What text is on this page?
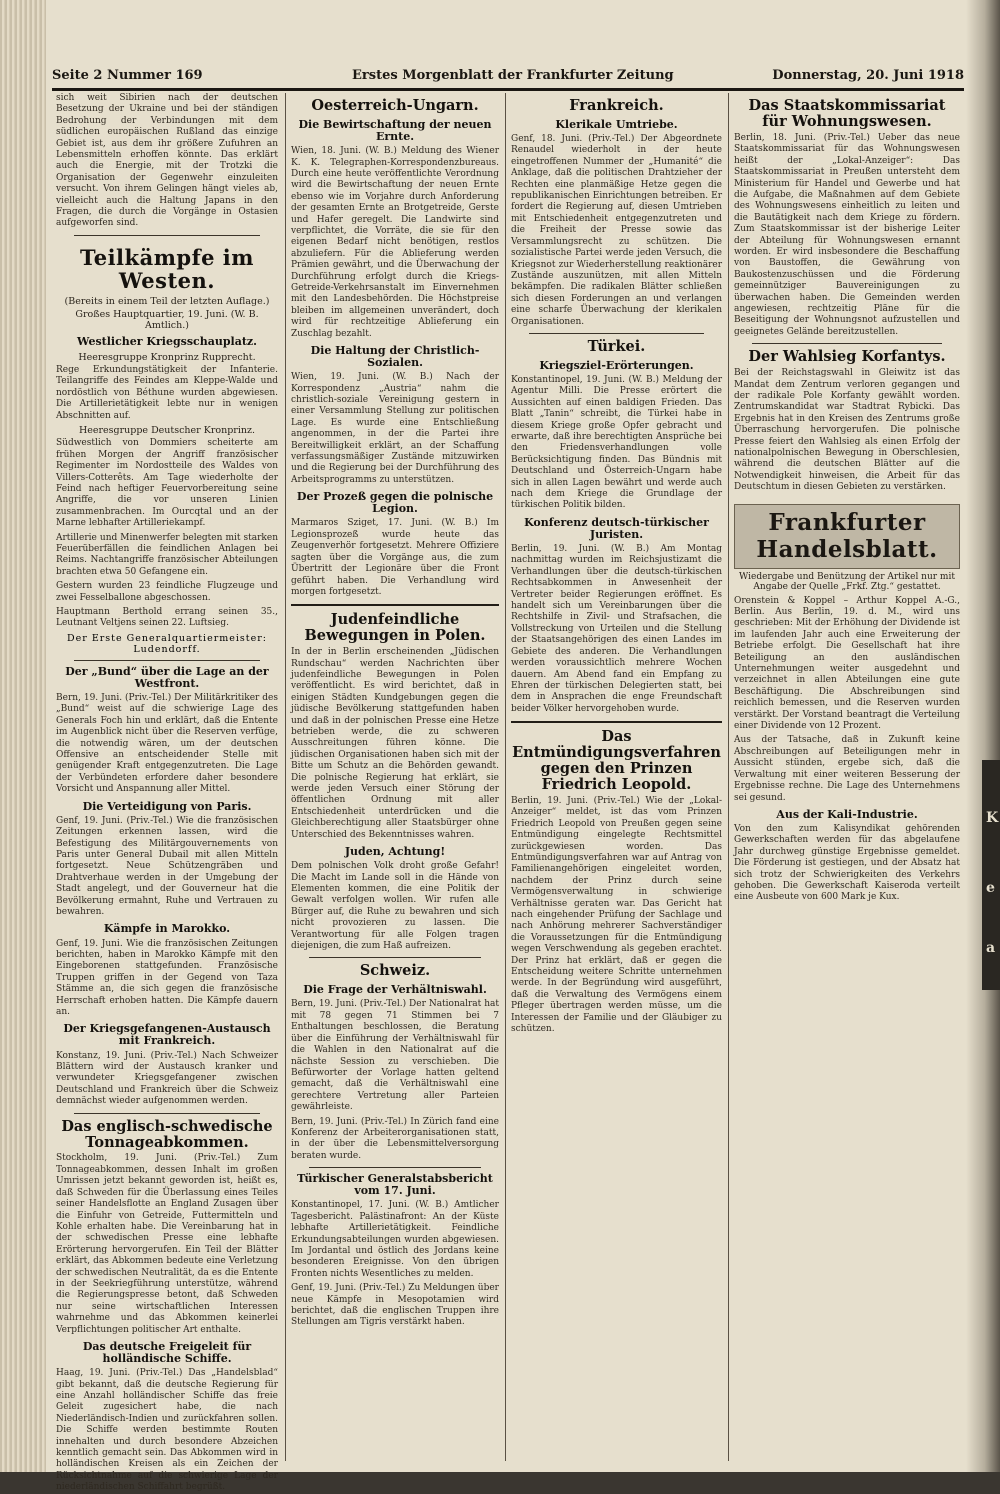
K
e
a
Seite 2 Nummer 169	Erstes Morgenblatt der Frankfurter Zeitung	Donnerstag, 20. Juni 1918

sich weit Sibirien nach der deutschen Besetzung der Ukraine und bei der ständigen Bedrohung der Verbindungen mit dem südlichen europäischen Rußland das einzige Gebiet ist, aus dem ihr größere Zufuhren an Lebensmitteln erhoffen könnte. Das erklärt auch die Energie, mit der Trotzki die Organisation der Gegenwehr einzuleiten versucht. Von ihrem Gelingen hängt vieles ab, vielleicht auch die Haltung Japans in den Fragen, die durch die Vorgänge in Ostasien aufgeworfen sind.

Teilkämpfe im Westen.
(Bereits in einem Teil der letzten Auflage.)
Großes Hauptquartier, 19. Juni. (W. B. Amtlich.)
Westlicher Kriegsschauplatz.
Heeresgruppe Kronprinz Rupprecht.

Rege Erkundungstätigkeit der Infanterie. Teilangriffe des Feindes am Kleppe-Walde und nordöstlich von Béthune wurden abgewiesen. Die Artillerietätigkeit lebte nur in wenigen Abschnitten auf.

Heeresgruppe Deutscher Kronprinz.

Südwestlich von Dommiers scheiterte am frühen Morgen der Angriff französischer Regimenter im Nordostteile des Waldes von Villers-Cotterêts. Am Tage wiederholte der Feind nach heftiger Feuervorbereitung seine Angriffe, die vor unseren Linien zusammenbrachen. Im Ourcqtal und an der Marne lebhafter Artilleriekampf.

Artillerie und Minenwerfer belegten mit starken Feuerüberfällen die feindlichen Anlagen bei Reims. Nachtangriffe französischer Abteilungen brachten etwa 50 Gefangene ein.

Gestern wurden 23 feindliche Flugzeuge und zwei Fesselballone abgeschossen.

Hauptmann Berthold errang seinen 35., Leutnant Veltjens seinen 22. Luftsieg.

Der Erste Generalquartiermeister: Ludendorff.
Der „Bund“ über die Lage an der Westfront.

Bern, 19. Juni. (Priv.-Tel.) Der Militärkritiker des „Bund“ weist auf die schwierige Lage des Generals Foch hin und erklärt, daß die Entente im Augenblick nicht über die Reserven verfüge, die notwendig wären, um der deutschen Offensive an entscheidender Stelle mit genügender Kraft entgegenzutreten. Die Lage der Verbündeten erfordere daher besondere Vorsicht und Anspannung aller Mittel.

Die Verteidigung von Paris.

Genf, 19. Juni. (Priv.-Tel.) Wie die französischen Zeitungen erkennen lassen, wird die Befestigung des Militärgouvernements von Paris unter General Dubail mit allen Mitteln fortgesetzt. Neue Schützengräben und Drahtverhaue werden in der Umgebung der Stadt angelegt, und der Gouverneur hat die Bevölkerung ermahnt, Ruhe und Vertrauen zu bewahren.

Kämpfe in Marokko.

Genf, 19. Juni. Wie die französischen Zeitungen berichten, haben in Marokko Kämpfe mit den Eingeborenen stattgefunden. Französische Truppen griffen in der Gegend von Taza Stämme an, die sich gegen die französische Herrschaft erhoben hatten. Die Kämpfe dauern an.

Der Kriegsgefangenen-Austausch mit Frankreich.

Konstanz, 19. Juni. (Priv.-Tel.) Nach Schweizer Blättern wird der Austausch kranker und verwundeter Kriegsgefangener zwischen Deutschland und Frankreich über die Schweiz demnächst wieder aufgenommen werden.

Das englisch-schwedische Tonnageabkommen.

Stockholm, 19. Juni. (Priv.-Tel.) Zum Tonnageabkommen, dessen Inhalt im großen Umrissen jetzt bekannt geworden ist, heißt es, daß Schweden für die Überlassung eines Teiles seiner Handelsflotte an England Zusagen über die Einfuhr von Getreide, Futtermitteln und Kohle erhalten habe. Die Vereinbarung hat in der schwedischen Presse eine lebhafte Erörterung hervorgerufen. Ein Teil der Blätter erklärt, das Abkommen bedeute eine Verletzung der schwedischen Neutralität, da es die Entente in der Seekriegführung unterstütze, während die Regierungspresse betont, daß Schweden nur seine wirtschaftlichen Interessen wahrnehme und das Abkommen keinerlei Verpflichtungen politischer Art enthalte.

Das deutsche Freigeleit für holländische Schiffe.

Haag, 19. Juni. (Priv.-Tel.) Das „Handelsblad“ gibt bekannt, daß die deutsche Regierung für eine Anzahl holländischer Schiffe das freie Geleit zugesichert habe, die nach Niederländisch-Indien und zurückfahren sollen. Die Schiffe werden bestimmte Routen innehalten und durch besondere Abzeichen kenntlich gemacht sein. Das Abkommen wird in holländischen Kreisen als ein Zeichen der Rücksichtnahme auf die schwierige Lage der niederländischen Schiffahrt begrüßt.

Oesterreich-Ungarn.
Die Bewirtschaftung der neuen Ernte.

Wien, 18. Juni. (W. B.) Meldung des Wiener K. K. Telegraphen-Korrespondenzbureaus. Durch eine heute veröffentlichte Verordnung wird die Bewirtschaftung der neuen Ernte ebenso wie im Vorjahre durch Anforderung der gesamten Ernte an Brotgetreide, Gerste und Hafer geregelt. Die Landwirte sind verpflichtet, die Vorräte, die sie für den eigenen Bedarf nicht benötigen, restlos abzuliefern. Für die Ablieferung werden Prämien gewährt, und die Überwachung der Durchführung erfolgt durch die Kriegs-Getreide-Verkehrsanstalt im Einvernehmen mit den Landesbehörden. Die Höchstpreise bleiben im allgemeinen unverändert, doch wird für rechtzeitige Ablieferung ein Zuschlag bezahlt.

Die Haltung der Christlich-Sozialen.

Wien, 19. Juni. (W. B.) Nach der Korrespondenz „Austria“ nahm die christlich-soziale Vereinigung gestern in einer Versammlung Stellung zur politischen Lage. Es wurde eine Entschließung angenommen, in der die Partei ihre Bereitwilligkeit erklärt, an der Schaffung verfassungsmäßiger Zustände mitzuwirken und die Regierung bei der Durchführung des Arbeitsprogramms zu unterstützen.

Der Prozeß gegen die polnische Legion.

Marmaros Sziget, 17. Juni. (W. B.) Im Legionsprozeß wurde heute das Zeugenverhör fortgesetzt. Mehrere Offiziere sagten über die Vorgänge aus, die zum Übertritt der Legionäre über die Front geführt haben. Die Verhandlung wird morgen fortgesetzt.

Judenfeindliche Bewegungen in Polen.

In der in Berlin erscheinenden „Jüdischen Rundschau“ werden Nachrichten über judenfeindliche Bewegungen in Polen veröffentlicht. Es wird berichtet, daß in einigen Städten Kundgebungen gegen die jüdische Bevölkerung stattgefunden haben und daß in der polnischen Presse eine Hetze betrieben werde, die zu schweren Ausschreitungen führen könne. Die jüdischen Organisationen haben sich mit der Bitte um Schutz an die Behörden gewandt. Die polnische Regierung hat erklärt, sie werde jeden Versuch einer Störung der öffentlichen Ordnung mit aller Entschiedenheit unterdrücken und die Gleichberechtigung aller Staatsbürger ohne Unterschied des Bekenntnisses wahren.

Juden, Achtung!

Dem polnischen Volk droht große Gefahr! Die Macht im Lande soll in die Hände von Elementen kommen, die eine Politik der Gewalt verfolgen wollen. Wir rufen alle Bürger auf, die Ruhe zu bewahren und sich nicht provozieren zu lassen. Die Verantwortung für alle Folgen tragen diejenigen, die zum Haß aufreizen.

Schweiz.
Die Frage der Verhältniswahl.

Bern, 19. Juni. (Priv.-Tel.) Der Nationalrat hat mit 78 gegen 71 Stimmen bei 7 Enthaltungen beschlossen, die Beratung über die Einführung der Verhältniswahl für die Wahlen in den Nationalrat auf die nächste Session zu verschieben. Die Befürworter der Vorlage hatten geltend gemacht, daß die Verhältniswahl eine gerechtere Vertretung aller Parteien gewährleiste.

Bern, 19. Juni. (Priv.-Tel.) In Zürich fand eine Konferenz der Arbeiterorganisationen statt, in der über die Lebensmittelversorgung beraten wurde.

Türkischer Generalstabsbericht vom 17. Juni.

Konstantinopel, 17. Juni. (W. B.) Amtlicher Tagesbericht. Palästinafront: An der Küste lebhafte Artillerietätigkeit. Feindliche Erkundungsabteilungen wurden abgewiesen. Im Jordantal und östlich des Jordans keine besonderen Ereignisse. Von den übrigen Fronten nichts Wesentliches zu melden.

Genf, 19. Juni. (Priv.-Tel.) Zu Meldungen über neue Kämpfe in Mesopotamien wird berichtet, daß die englischen Truppen ihre Stellungen am Tigris verstärkt haben.

Frankreich.
Klerikale Umtriebe.

Genf, 18. Juni. (Priv.-Tel.) Der Abgeordnete Renaudel wiederholt in der heute eingetroffenen Nummer der „Humanité“ die Anklage, daß die politischen Drahtzieher der Rechten eine planmäßige Hetze gegen die republikanischen Einrichtungen betreiben. Er fordert die Regierung auf, diesen Umtrieben mit Entschiedenheit entgegenzutreten und die Freiheit der Presse sowie das Versammlungsrecht zu schützen. Die sozialistische Partei werde jeden Versuch, die Kriegsnot zur Wiederherstellung reaktionärer Zustände auszunützen, mit allen Mitteln bekämpfen. Die radikalen Blätter schließen sich diesen Forderungen an und verlangen eine scharfe Überwachung der klerikalen Organisationen.

Türkei.
Kriegsziel-Erörterungen.

Konstantinopel, 19. Juni. (W. B.) Meldung der Agentur Milli. Die Presse erörtert die Aussichten auf einen baldigen Frieden. Das Blatt „Tanin“ schreibt, die Türkei habe in diesem Kriege große Opfer gebracht und erwarte, daß ihre berechtigten Ansprüche bei den Friedensverhandlungen volle Berücksichtigung finden. Das Bündnis mit Deutschland und Österreich-Ungarn habe sich in allen Lagen bewährt und werde auch nach dem Kriege die Grundlage der türkischen Politik bilden.

Konferenz deutsch-türkischer Juristen.

Berlin, 19. Juni. (W. B.) Am Montag nachmittag wurden im Reichsjustizamt die Verhandlungen über die deutsch-türkischen Rechtsabkommen in Anwesenheit der Vertreter beider Regierungen eröffnet. Es handelt sich um Vereinbarungen über die Rechtshilfe in Zivil- und Strafsachen, die Vollstreckung von Urteilen und die Stellung der Staatsangehörigen des einen Landes im Gebiete des anderen. Die Verhandlungen werden voraussichtlich mehrere Wochen dauern. Am Abend fand ein Empfang zu Ehren der türkischen Delegierten statt, bei dem in Ansprachen die enge Freundschaft beider Völker hervorgehoben wurde.

Das Entmündigungsverfahren gegen den Prinzen Friedrich Leopold.

Berlin, 19. Juni. (Priv.-Tel.) Wie der „Lokal-Anzeiger“ meldet, ist das vom Prinzen Friedrich Leopold von Preußen gegen seine Entmündigung eingelegte Rechtsmittel zurückgewiesen worden. Das Entmündigungsverfahren war auf Antrag von Familienangehörigen eingeleitet worden, nachdem der Prinz durch seine Vermögensverwaltung in schwierige Verhältnisse geraten war. Das Gericht hat nach eingehender Prüfung der Sachlage und nach Anhörung mehrerer Sachverständiger die Voraussetzungen für die Entmündigung wegen Verschwendung als gegeben erachtet. Der Prinz hat erklärt, daß er gegen die Entscheidung weitere Schritte unternehmen werde. In der Begründung wird ausgeführt, daß die Verwaltung des Vermögens einem Pfleger übertragen werden müsse, um die Interessen der Familie und der Gläubiger zu schützen.

Das Staatskommissariat für Wohnungswesen.

Berlin, 18. Juni. (Priv.-Tel.) Ueber das neue Staatskommissariat für das Wohnungswesen heißt der „Lokal-Anzeiger“: Das Staatskommissariat in Preußen untersteht dem Ministerium für Handel und Gewerbe und hat die Aufgabe, die Maßnahmen auf dem Gebiete des Wohnungswesens einheitlich zu leiten und die Bautätigkeit nach dem Kriege zu fördern. Zum Staatskommissar ist der bisherige Leiter der Abteilung für Wohnungswesen ernannt worden. Er wird insbesondere die Beschaffung von Baustoffen, die Gewährung von Baukostenzuschüssen und die Förderung gemeinnütziger Bauvereinigungen zu überwachen haben. Die Gemeinden werden angewiesen, rechtzeitig Pläne für die Beseitigung der Wohnungsnot aufzustellen und geeignetes Gelände bereitzustellen.

Der Wahlsieg Korfantys.

Bei der Reichstagswahl in Gleiwitz ist das Mandat dem Zentrum verloren gegangen und der radikale Pole Korfanty gewählt worden. Zentrumskandidat war Stadtrat Rybicki. Das Ergebnis hat in den Kreisen des Zentrums große Überraschung hervorgerufen. Die polnische Presse feiert den Wahlsieg als einen Erfolg der nationalpolnischen Bewegung in Oberschlesien, während die deutschen Blätter auf die Notwendigkeit hinweisen, die Arbeit für das Deutschtum in diesen Gebieten zu verstärken.

Frankfurter Handelsblatt.
Wiedergabe und Benützung der Artikel nur mit Angabe der Quelle „Frkf. Ztg.“ gestattet.

Orenstein & Koppel – Arthur Koppel A.-G., Berlin. Aus Berlin, 19. d. M., wird uns geschrieben: Mit der Erhöhung der Dividende ist im laufenden Jahr auch eine Erweiterung der Betriebe erfolgt. Die Gesellschaft hat ihre Beteiligung an den ausländischen Unternehmungen weiter ausgedehnt und verzeichnet in allen Abteilungen eine gute Beschäftigung. Die Abschreibungen sind reichlich bemessen, und die Reserven wurden verstärkt. Der Vorstand beantragt die Verteilung einer Dividende von 12 Prozent.

Aus der Tatsache, daß in Zukunft keine Abschreibungen auf Beteiligungen mehr in Aussicht stünden, ergebe sich, daß die Verwaltung mit einer weiteren Besserung der Ergebnisse rechne. Die Lage des Unternehmens sei gesund.

Aus der Kali-Industrie.

Von den zum Kalisyndikat gehörenden Gewerkschaften werden für das abgelaufene Jahr durchweg günstige Ergebnisse gemeldet. Die Förderung ist gestiegen, und der Absatz hat sich trotz der Schwierigkeiten des Verkehrs gehoben. Die Gewerkschaft Kaiseroda verteilt eine Ausbeute von 600 Mark je Kux.
